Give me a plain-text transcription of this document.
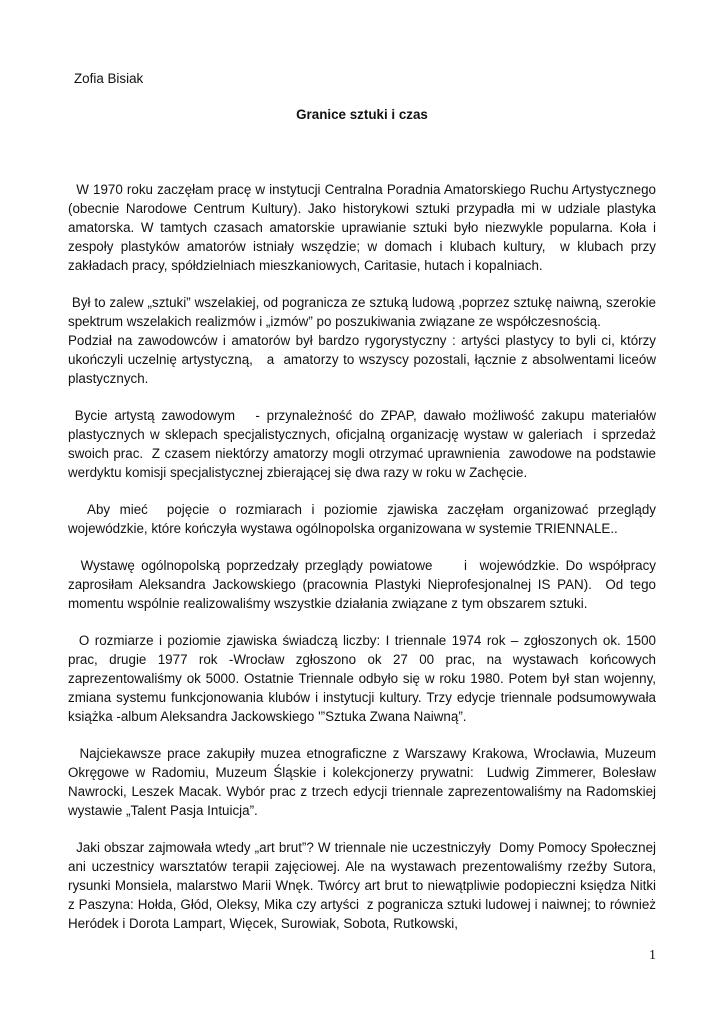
Zofia Bisiak
Granice sztuki i czas

W 1970 roku zaczęłam pracę w instytucji Centralna Poradnia Amatorskiego Ruchu Artystycznego (obecnie Narodowe Centrum Kultury). Jako historykowi sztuki przypadła mi w udziale plastyka amatorska. W tamtych czasach amatorskie uprawianie sztuki było niezwykle popularna. Koła i zespoły plastyków amatorów istniały wszędzie; w domach i klubach kultury,  w klubach przy zakładach pracy, spółdzielniach mieszkaniowych, Caritasie, hutach i kopalniach.

Był to zalew „sztuki” wszelakiej, od pogranicza ze sztuką ludową ,poprzez sztukę naiwną, szerokie spektrum wszelakich realizmów i „izmów” po poszukiwania związane ze współczesnością.

Podział na zawodowców i amatorów był bardzo rygorystyczny : artyści plastycy to byli ci, którzy ukończyli uczelnię artystyczną,   a  amatorzy to wszyscy pozostali, łącznie z absolwentami liceów plastycznych.

Bycie artystą zawodowym   - przynależność do ZPAP, dawało możliwość zakupu materiałów plastycznych w sklepach specjalistycznych, oficjalną organizację wystaw w galeriach  i sprzedaż swoich prac.  Z czasem niektórzy amatorzy mogli otrzymać uprawnienia  zawodowe na podstawie werdyktu komisji specjalistycznej zbierającej się dwa razy w roku w Zachęcie.

Aby mieć  pojęcie o rozmiarach i poziomie zjawiska zaczęłam organizować przeglądy wojewódzkie, które kończyła wystawa ogólnopolska organizowana w systemie TRIENNALE..

Wystawę ogólnopolską poprzedzały przeglądy powiatowe     i  wojewódzkie. Do współpracy zaprosiłam Aleksandra Jackowskiego (pracownia Plastyki Nieprofesjonalnej IS PAN).  Od tego momentu wspólnie realizowaliśmy wszystkie działania związane z tym obszarem sztuki.

O rozmiarze i poziomie zjawiska świadczą liczby: I triennale 1974 rok – zgłoszonych ok. 1500 prac, drugie 1977 rok -Wrocław zgłoszono ok 27 00 prac, na wystawach końcowych zaprezentowaliśmy ok 5000. Ostatnie Triennale odbyło się w roku 1980. Potem był stan wojenny, zmiana systemu funkcjonowania klubów i instytucji kultury. Trzy edycje triennale podsumowywała książka -album Aleksandra Jackowskiego '”Sztuka Zwana Naiwną”.

Najciekawsze prace zakupiły muzea etnograficzne z Warszawy Krakowa, Wrocławia, Muzeum Okręgowe w Radomiu, Muzeum Śląskie i kolekcjonerzy prywatni:  Ludwig Zimmerer, Bolesław Nawrocki, Leszek Macak. Wybór prac z trzech edycji triennale zaprezentowaliśmy na Radomskiej wystawie „Talent Pasja Intuicja”.

Jaki obszar zajmowała wtedy „art brut”? W triennale nie uczestniczyły  Domy Pomocy Społecznej ani uczestnicy warsztatów terapii zajęciowej. Ale na wystawach prezentowaliśmy rzeźby Sutora, rysunki Monsiela, malarstwo Marii Wnęk. Twórcy art brut to niewątpliwie podopieczni księdza Nitki z Paszyna: Hołda, Głód, Oleksy, Mika czy artyści  z pogranicza sztuki ludowej i naiwnej; to również Heródek i Dorota Lampart, Więcek, Surowiak, Sobota, Rutkowski,

1
